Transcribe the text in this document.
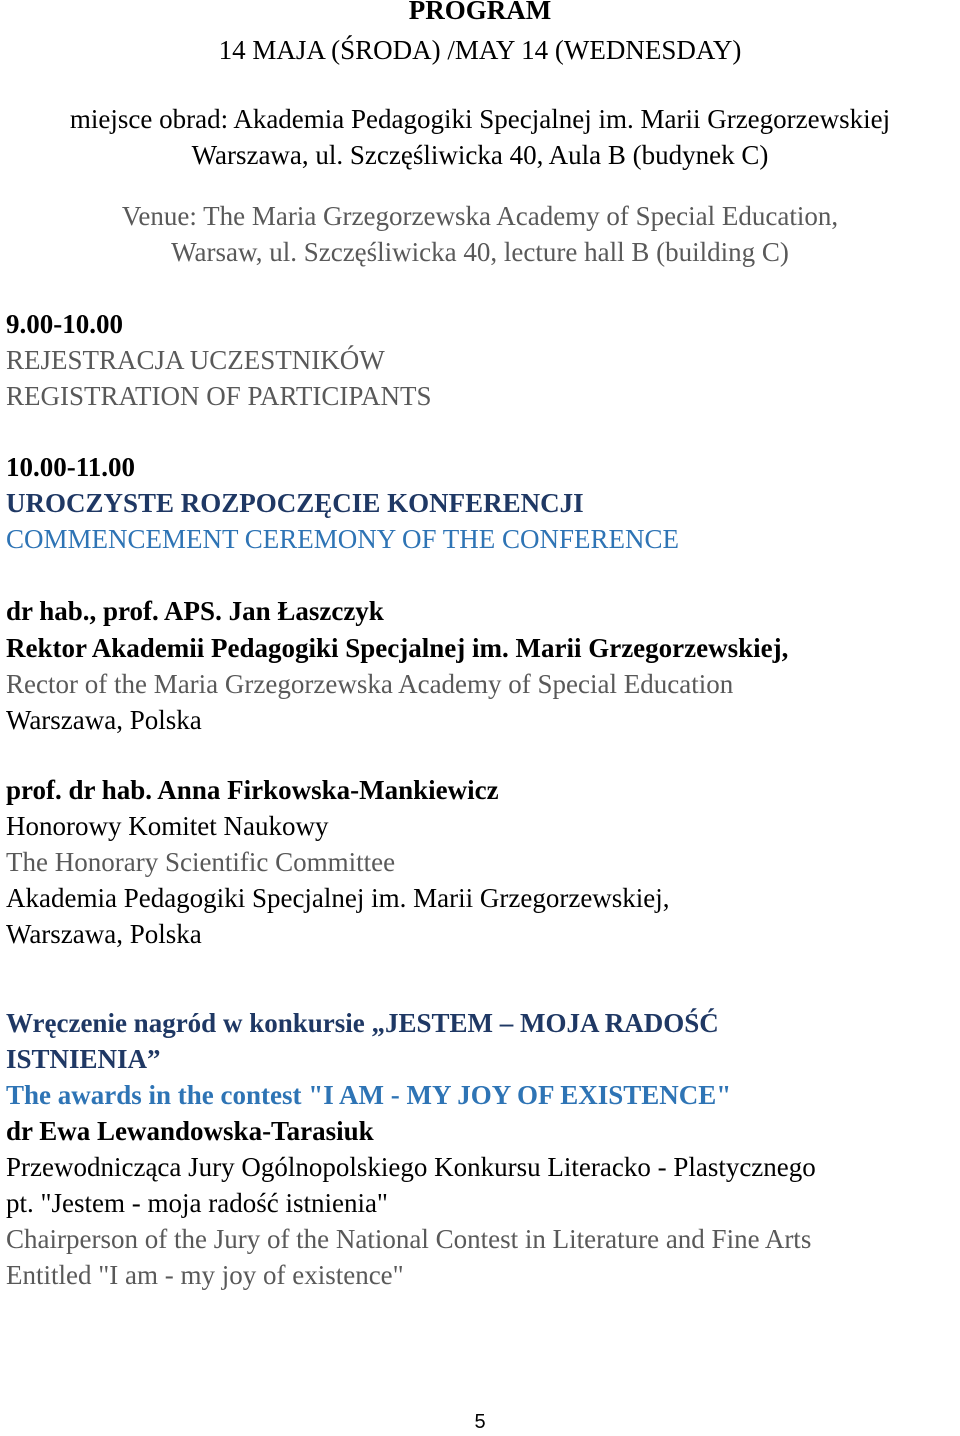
PROGRAM
14 MAJA (ŚRODA) /MAY 14 (WEDNESDAY)
miejsce obrad: Akademia Pedagogiki Specjalnej im. Marii Grzegorzewskiej
Warszawa, ul. Szczęśliwicka 40, Aula B (budynek C)
Venue: The Maria Grzegorzewska Academy of Special Education,
Warsaw, ul. Szczęśliwicka 40, lecture hall B (building C)
9.00-10.00
REJESTRACJA UCZESTNIKÓW
REGISTRATION OF PARTICIPANTS
10.00-11.00
UROCZYSTE ROZPOCZĘCIE KONFERENCJI
COMMENCEMENT CEREMONY OF THE CONFERENCE
dr hab., prof. APS. Jan Łaszczyk
Rektor Akademii Pedagogiki Specjalnej im. Marii Grzegorzewskiej,
Rector of the Maria Grzegorzewska Academy of Special Education
Warszawa, Polska
prof. dr hab. Anna Firkowska-Mankiewicz
Honorowy Komitet Naukowy
The Honorary Scientific Committee
Akademia Pedagogiki Specjalnej im. Marii Grzegorzewskiej,
Warszawa, Polska
Wręczenie nagród w konkursie „JESTEM – MOJA RADOŚĆ
ISTNIENIA”
The awards in the contest "I AM - MY JOY OF EXISTENCE"
dr Ewa Lewandowska-Tarasiuk
Przewodnicząca Jury Ogólnopolskiego Konkursu Literacko - Plastycznego
pt. "Jestem - moja radość istnienia"
Chairperson of the Jury of the National Contest in Literature and Fine Arts
Entitled "I am - my joy of existence"
5
